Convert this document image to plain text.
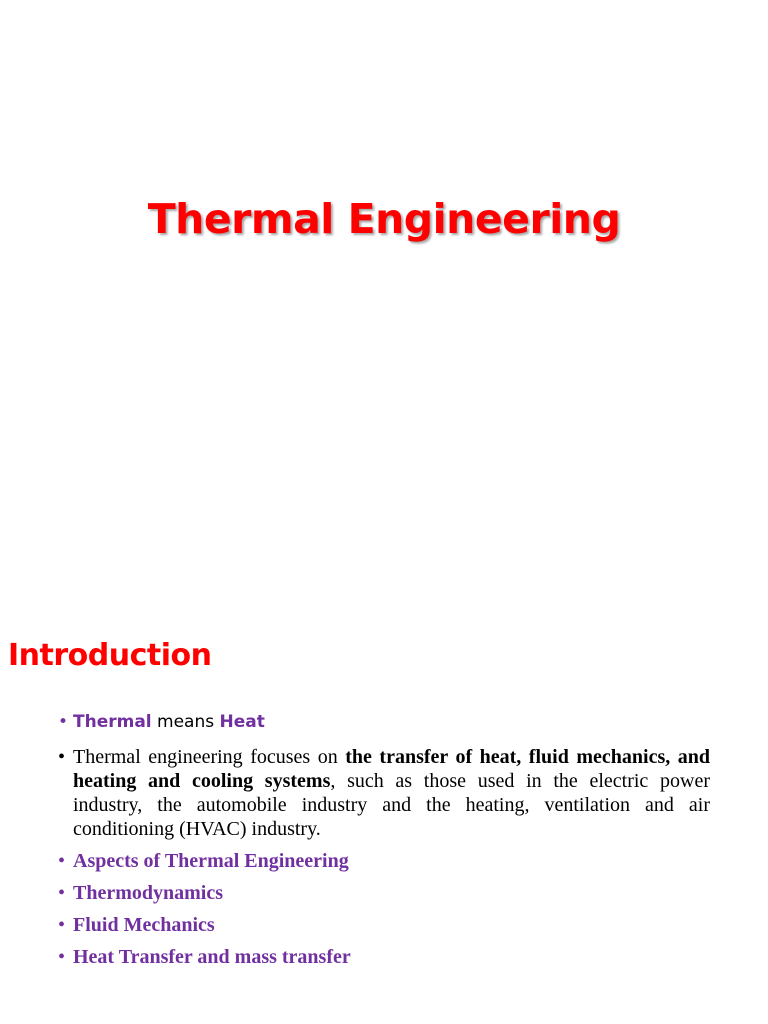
Thermal Engineering
Introduction
• Thermal means Heat
• Thermal engineering focuses on the transfer of heat, fluid mechanics, and heating and cooling systems, such as those used in the electric power industry, the automobile industry and the heating, ventilation and air conditioning (HVAC) industry.
• Aspects of Thermal Engineering
• Thermodynamics
• Fluid Mechanics
• Heat Transfer and mass transfer
